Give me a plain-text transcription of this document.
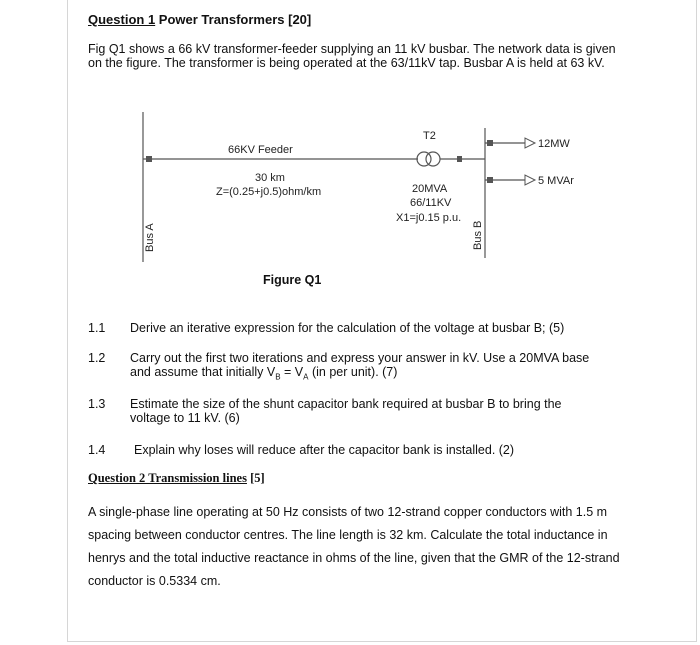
Question 1 Power Transformers [20]
Fig Q1 shows a 66 kV transformer-feeder supplying an 11 kV busbar. The network data is given on the figure. The transformer is being operated at the 63/11kV tap. Busbar A is held at 63 kV.
66KV Feeder
30 km
Z=(0.25+j0.5)ohm/km
T2
20MVA
66/11KV
X1=j0.15 p.u.
12MW
5 MVAr
Bus A	Bus B
Figure Q1
1.1 Derive an iterative expression for the calculation of the voltage at busbar B; (5)
1.2 Carry out the first two iterations and express your answer in kV. Use a 20MVA base and assume that initially $V_B = V_A$ (in per unit). (7)
1.3 Estimate the size of the shunt capacitor bank required at busbar B to bring the voltage to 11 kV. (6)
1.4 Explain why loses will reduce after the capacitor bank is installed. (2)
Question 2 Transmission lines [5]
A single-phase line operating at 50 Hz consists of two 12-strand copper conductors with 1.5 m spacing between conductor centres. The line length is 32 km. Calculate the total inductance in henrys and the total inductive reactance in ohms of the line, given that the GMR of the 12-strand conductor is 0.5334 cm.
